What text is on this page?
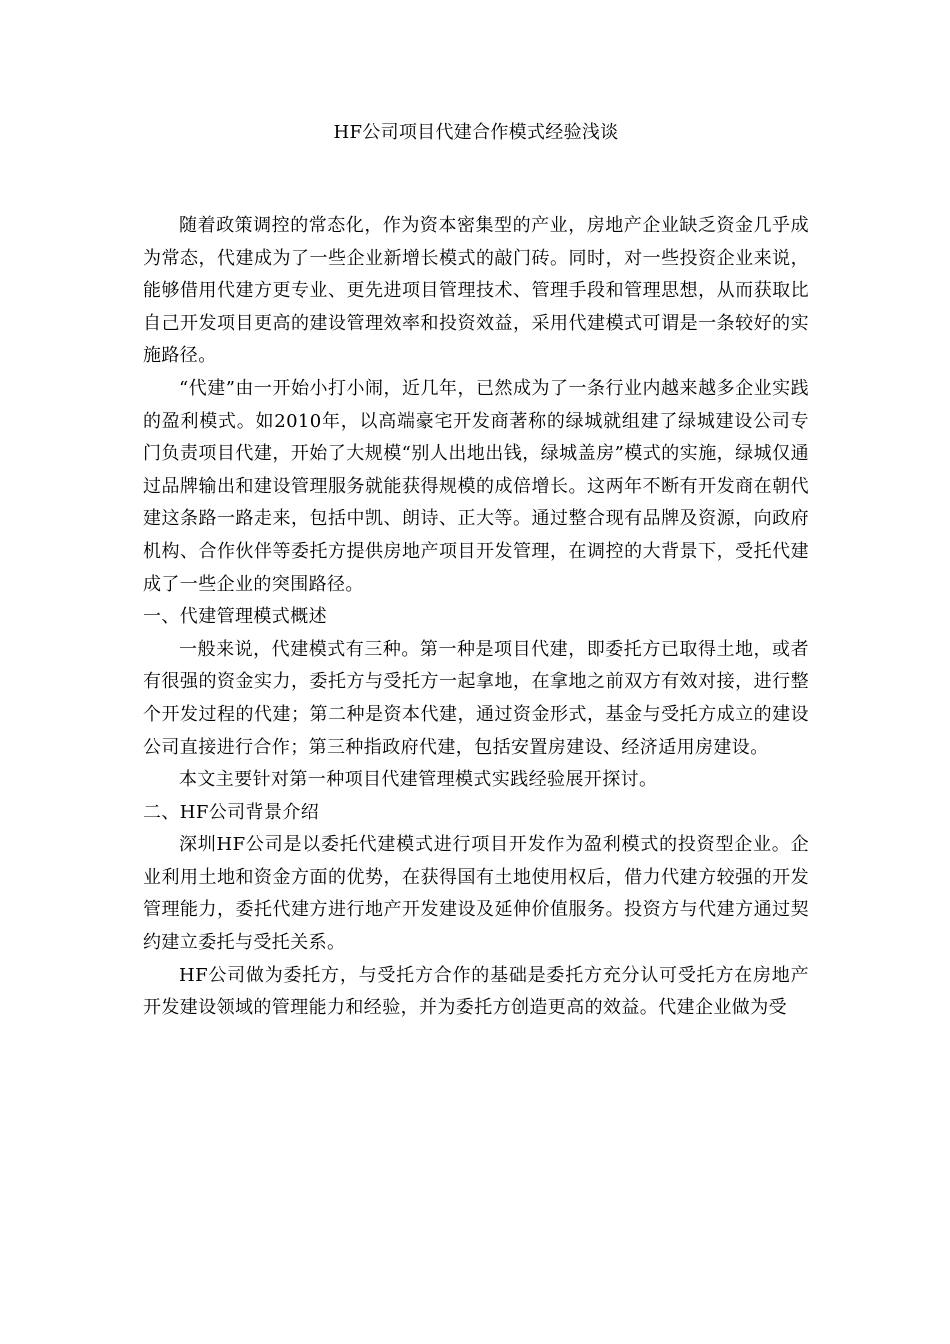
HF公司项目代建合作模式经验浅谈

随着政策调控的常态化，作为资本密集型的产业，房地产企业缺乏资金几乎成为常态，代建成为了一些企业新增长模式的敲门砖。同时，对一些投资企业来说，能够借用代建方更专业、更先进项目管理技术、管理手段和管理思想，从而获取比自己开发项目更高的建设管理效率和投资效益，采用代建模式可谓是一条较好的实施路径。

“代建”由一开始小打小闹，近几年，已然成为了一条行业内越来越多企业实践的盈利模式。如2010年，以高端豪宅开发商著称的绿城就组建了绿城建设公司专门负责项目代建，开始了大规模“别人出地出钱，绿城盖房”模式的实施，绿城仅通过品牌输出和建设管理服务就能获得规模的成倍增长。这两年不断有开发商在朝代建这条路一路走来，包括中凯、朗诗、正大等。通过整合现有品牌及资源，向政府机构、合作伙伴等委托方提供房地产项目开发管理，在调控的大背景下，受托代建成了一些企业的突围路径。

一、代建管理模式概述

一般来说，代建模式有三种。第一种是项目代建，即委托方已取得土地，或者有很强的资金实力，委托方与受托方一起拿地，在拿地之前双方有效对接，进行整个开发过程的代建；第二种是资本代建，通过资金形式，基金与受托方成立的建设公司直接进行合作；第三种指政府代建，包括安置房建设、经济适用房建设。

本文主要针对第一种项目代建管理模式实践经验展开探讨。

二、HF公司背景介绍

深圳HF公司是以委托代建模式进行项目开发作为盈利模式的投资型企业。企业利用土地和资金方面的优势，在获得国有土地使用权后，借力代建方较强的开发管理能力，委托代建方进行地产开发建设及延伸价值服务。投资方与代建方通过契约建立委托与受托关系。

HF公司做为委托方，与受托方合作的基础是委托方充分认可受托方在房地产开发建设领域的管理能力和经验，并为委托方创造更高的效益。代建企业做为受
